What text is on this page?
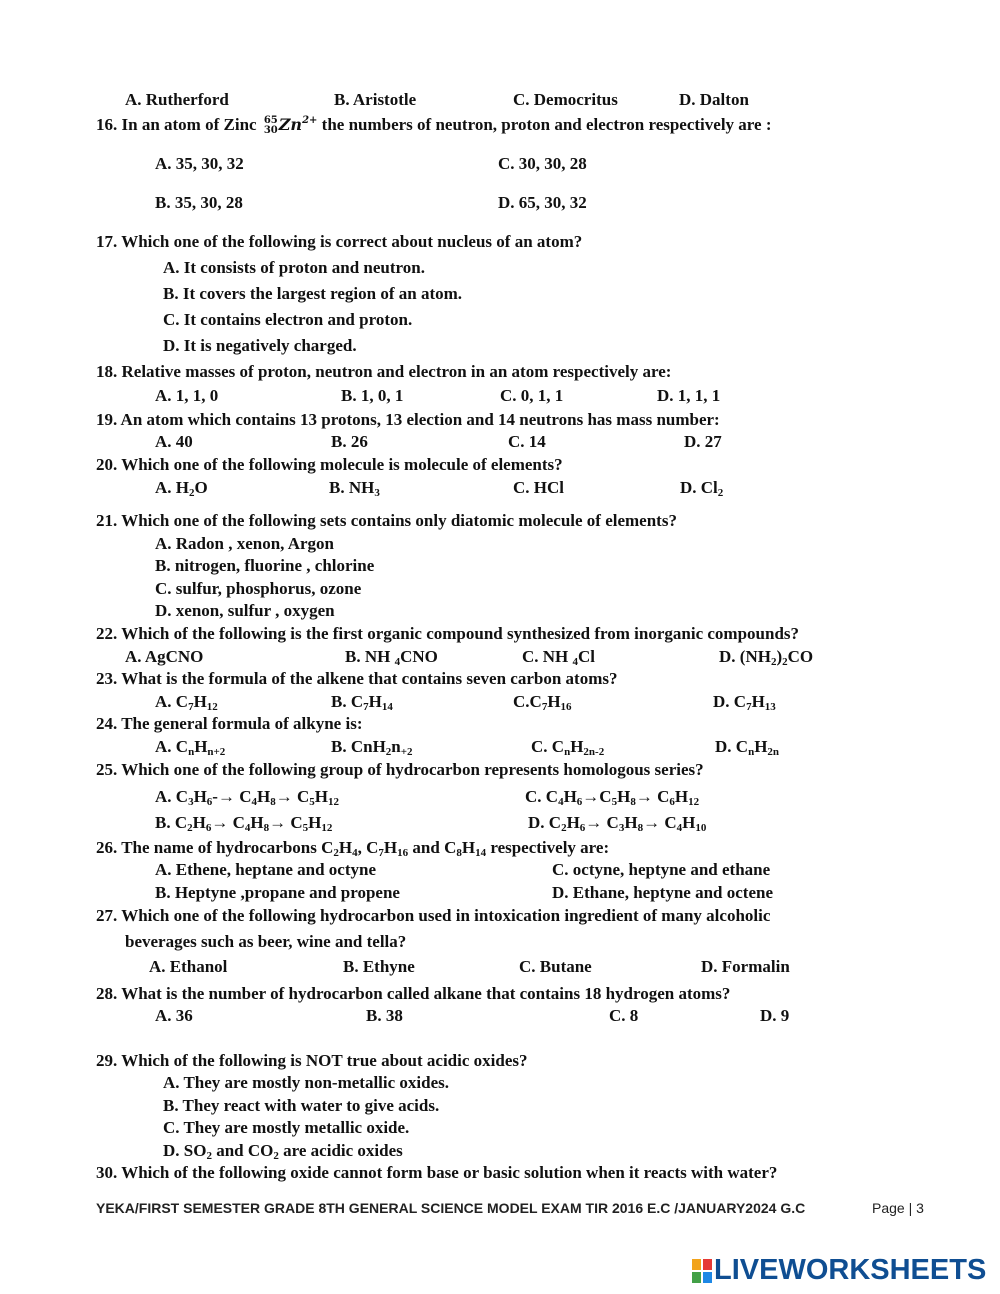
A. Rutherford	B. Aristotle	C. Democritus	D. Dalton
16. In an atom of Zinc 65
$30Zn^{2+}$ the numbers of neutron, proton and electron respectively are :
A. 35, 30, 32	C. 30, 30, 28
B. 35, 30, 28	D. 65, 30, 32
17. Which one of the following is correct about nucleus of an atom?
A. It consists of proton and neutron.
B. It covers the largest region of an atom.
C. It contains electron and proton.
D. It is negatively charged.
18. Relative masses of proton, neutron and electron in an atom respectively are:
A. 1, 1, 0	B. 1, 0, 1	C. 0, 1, 1	D. 1, 1, 1
19. An atom which contains 13 protons, 13 election and 14 neutrons has mass number:
A. 40	B. 26	C. 14	D. 27
20. Which one of the following molecule is molecule of elements?
A. $H_2O$	B. $NH_3$	C. HCl	D. $Cl_2$
21. Which one of the following sets contains only diatomic molecule of elements?
A. Radon , xenon, Argon
B. nitrogen, fluorine , chlorine
C. sulfur, phosphorus, ozone
D. xenon, sulfur , oxygen
22. Which of the following is the first organic compound synthesized from inorganic compounds?
A. AgCNO	B. NH $_4$CNO	C. NH $_4$Cl	D. $(NH_2)_2CO$
23. What is the formula of the alkene that contains seven carbon atoms?
A. $C_7H_{12}$	B. $C_7H_{14}$	$C.C_7H_{16}$	D. $C_7H_{13}$
24. The general formula of alkyne is:
A. $C_nH_{n+2}$	B. $CnH_2n_{+2}$	C. $C_nH_{2n-2}$	D. $C_nH_{2n}$
25. Which one of the following group of hydrocarbon represents homologous series?
A. $C_3H_6-\to C_4H_8\to C_5H_{12}$	C. $C_4H_6\to C_5H_8\to C_6H_{12}$
B. $C_2H_6\to C_4H_8\to C_5H_{12}$	D. $C_2H_6\to C_3H_8\to C_4H_{10}$
26. The name of hydrocarbons $C_2H_4$, $C_7H_{16}$ and $C_8H_{14}$ respectively are:
A. Ethene, heptane and octyne	C. octyne, heptyne and ethane
B. Heptyne ,propane and propene	D. Ethane, heptyne and octene
27. Which one of the following hydrocarbon used in intoxication ingredient of many alcoholic
beverages such as beer, wine and tella?
A. Ethanol	B. Ethyne	C. Butane	D. Formalin
28. What is the number of hydrocarbon called alkane that contains 18 hydrogen atoms?
A. 36	B. 38	C. 8	D. 9
29. Which of the following is NOT true about acidic oxides?
A. They are mostly non-metallic oxides.
B. They react with water to give acids.
C. They are mostly metallic oxide.
D. $SO_2$ and $CO_2$ are acidic oxides
30. Which of the following oxide cannot form base or basic solution when it reacts with water?
YEKA/FIRST SEMESTER GRADE 8TH GENERAL SCIENCE MODEL EXAM TIR 2016 E.C /JANUARY2024 G.C	Page | 3
LIVEWORKSHEETS
